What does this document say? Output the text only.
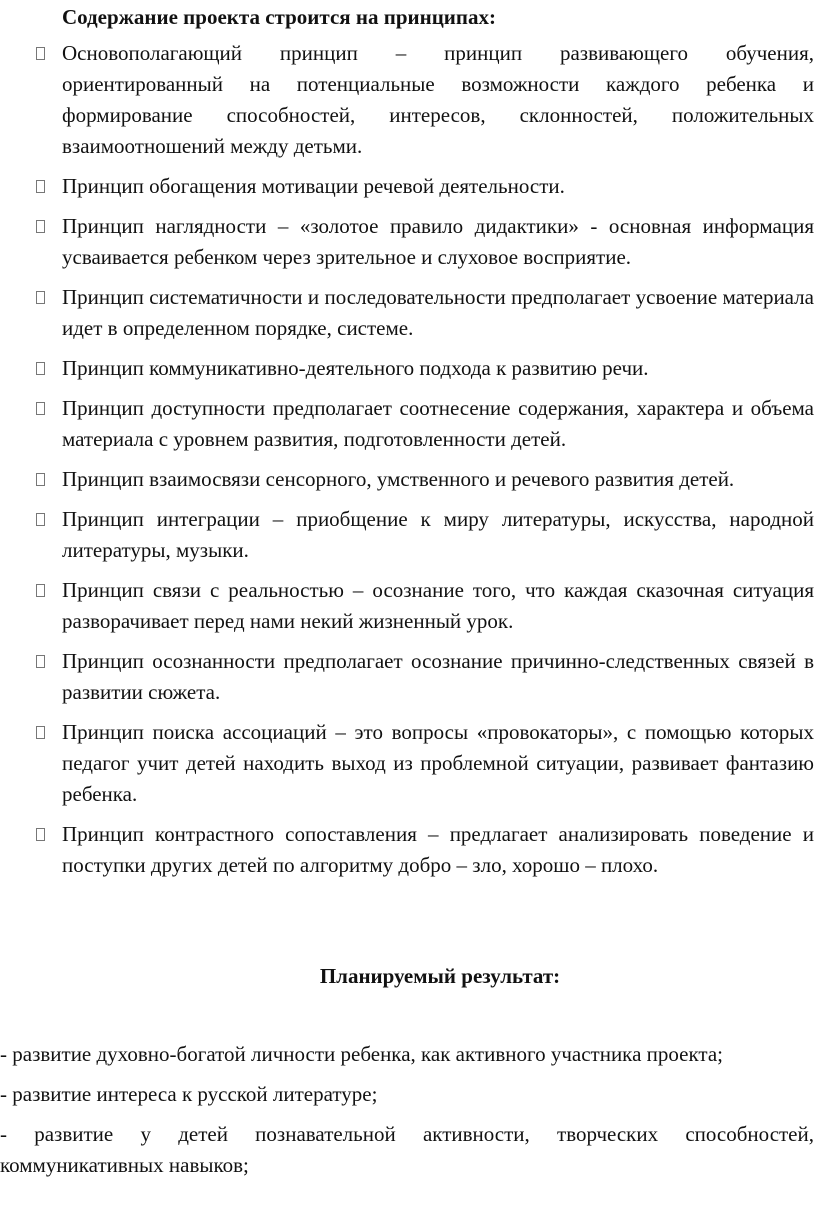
Содержание проекта строится на принципах:
Основополагающий принцип – принцип развивающего обучения, ориентированный на потенциальные возможности каждого ребенка и формирование способностей, интересов, склонностей, положительных взаимоотношений между детьми.
Принцип обогащения мотивации речевой деятельности.
Принцип наглядности – «золотое правило дидактики» - основная информация усваивается ребенком через зрительное и слуховое восприятие.
Принцип систематичности и последовательности предполагает усвоение материала идет в определенном порядке, системе.
Принцип коммуникативно-деятельного подхода к развитию речи.
Принцип доступности предполагает соотнесение содержания, характера и объема материала с уровнем развития, подготовленности детей.
Принцип взаимосвязи сенсорного, умственного и речевого развития детей.
Принцип интеграции – приобщение к миру литературы, искусства, народной литературы, музыки.
Принцип связи с реальностью – осознание того, что каждая сказочная ситуация разворачивает перед нами некий жизненный урок.
Принцип осознанности предполагает осознание причинно-следственных связей в развитии сюжета.
Принцип поиска ассоциаций – это вопросы «провокаторы», с помощью которых педагог учит детей находить выход из проблемной ситуации, развивает фантазию ребенка.
Принцип контрастного сопоставления – предлагает анализировать поведение и поступки других детей по алгоритму добро – зло, хорошо – плохо.
Планируемый результат:
- развитие духовно-богатой личности ребенка, как активного участника проекта;
- развитие интереса к русской литературе;
- развитие у детей познавательной активности, творческих способностей, коммуникативных навыков;
